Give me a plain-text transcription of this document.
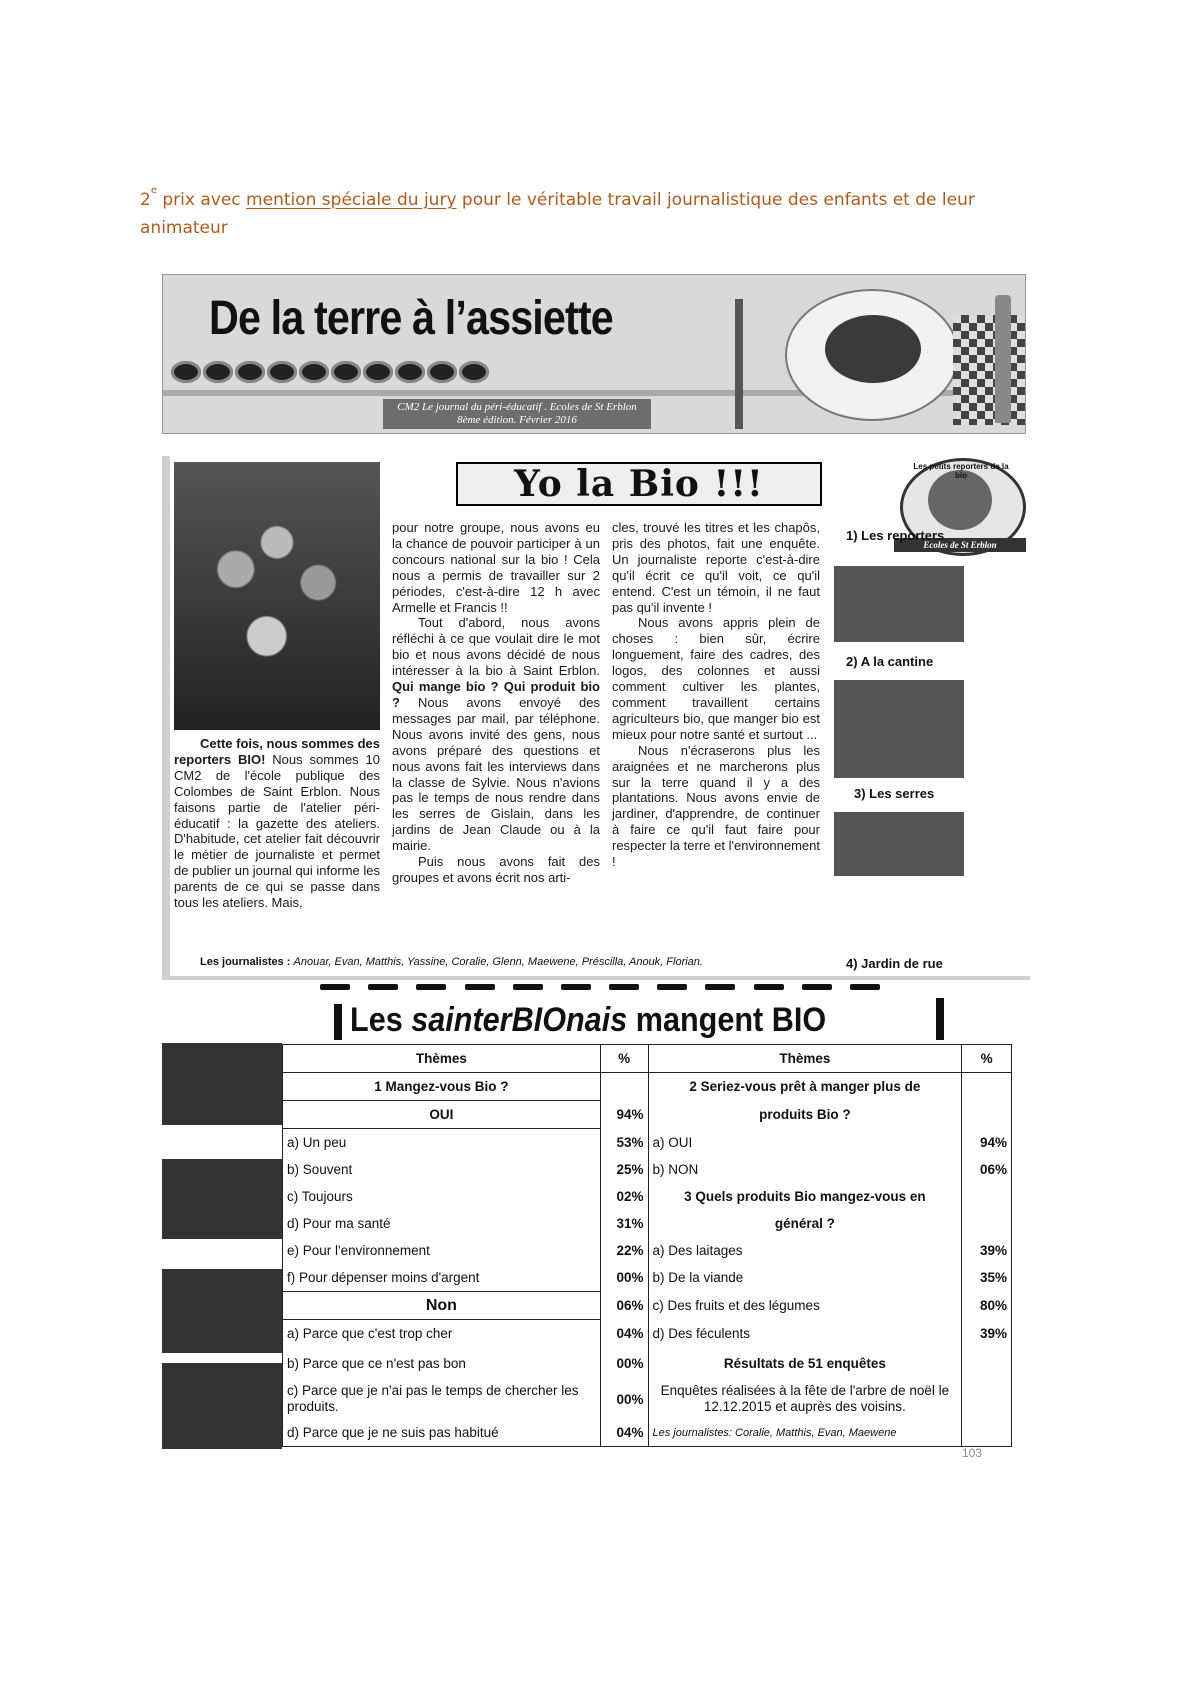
2e prix avec mention spéciale du jury pour le véritable travail journalistique des enfants et de leur animateur
De la terre à l’assiette
CM2 Le journal du péri-éducatif . Ecoles de St Erblon
8ème édition. Février 2016
Yo la Bio !!!

Cette fois, nous sommes des reporters BIO! Nous sommes 10 CM2 de l'école publique des Colombes de Saint Erblon. Nous faisons partie de l'atelier péri-éducatif : la gazette des ateliers. D'habitude, cet atelier fait découvrir le métier de journaliste et permet de publier un journal qui informe les parents de ce qui se passe dans tous les ateliers. Mais,

pour notre groupe, nous avons eu la chance de pouvoir participer à un concours national sur la bio ! Cela nous a permis de travailler sur 2 périodes, c'est-à-dire 12 h avec Armelle et Francis !!

Tout d'abord, nous avons réfléchi à ce que voulait dire le mot bio et nous avons décidé de nous intéresser à la bio à Saint Erblon. Qui mange bio ? Qui produit bio ? Nous avons envoyé des messages par mail, par téléphone. Nous avons invité des gens, nous avons préparé des questions et nous avons fait les interviews dans la classe de Sylvie. Nous n'avions pas le temps de nous rendre dans les serres de Gislain, dans les jardins de Jean Claude ou à la mairie.

Puis nous avons fait des groupes et avons écrit nos arti-

cles, trouvé les titres et les chapôs, pris des photos, fait une enquête. Un journaliste reporte c'est-à-dire qu'il écrit ce qu'il voit, ce qu'il entend. C'est un témoin, il ne faut pas qu'il invente !

Nous avons appris plein de choses : bien sûr, écrire longuement, faire des cadres, des logos, des colonnes et aussi comment cultiver les plantes, comment travaillent certains agriculteurs bio, que manger bio est mieux pour notre santé et surtout ...

Nous n'écraserons plus les araignées et ne marcherons plus sur la terre quand il y a des plantations. Nous avons envie de jardiner, d'apprendre, de continuer à faire ce qu'il faut faire pour respecter la terre et l'environnement !

Les petits reporters de la bio
Ecoles de St Erblon
1) Les reporters
2) A la cantine
3) Les serres
Les journalistes : Anouar, Evan, Matthis, Yassine, Coralie, Glenn, Maewene, Préscilla, Anouk, Florian.	4) Jardin de rue
Les sainterBIOnais mangent BIO
Thèmes	%	Thèmes	%
1 Mangez-vous Bio ?		2 Seriez-vous prêt à manger plus de	
OUI	94%	produits Bio ?	
a) Un peu	53%	a) OUI	94%
b) Souvent	25%	b) NON	06%
c) Toujours	02%	3 Quels produits Bio mangez-vous en	
d) Pour ma santé	31%	général ?	
e) Pour l'environnement	22%	a) Des laitages	39%
f) Pour dépenser moins d'argent	00%	b) De la viande	35%
Non	06%	c) Des fruits et des légumes	80%
a) Parce que c'est trop cher	04%	d) Des féculents	39%
b) Parce que ce n'est pas bon	00%	Résultats de 51 enquêtes	
c) Parce que je n'ai pas le temps de chercher les produits.	00%	Enquêtes réalisées à la fête de l'arbre de noël le 12.12.2015 et auprès des voisins.	
d) Parce que je ne suis pas habitué	04%	Les journalistes: Coralie, Matthis, Evan, Maewene	
103
